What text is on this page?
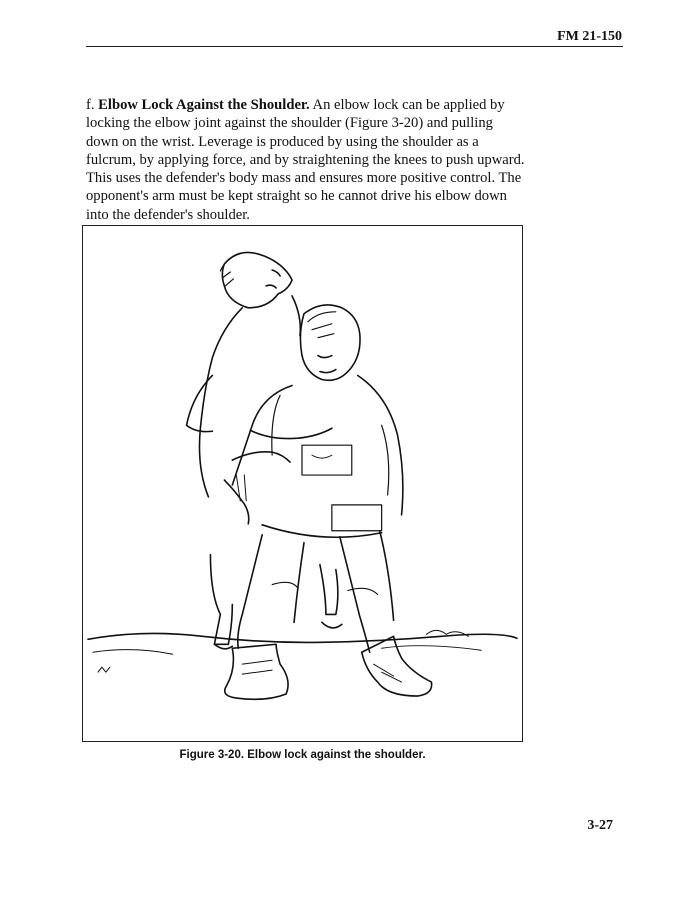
FM 21-150
f. Elbow Lock Against the Shoulder. An elbow lock can be applied by locking the elbow joint against the shoulder (Figure 3-20) and pulling down on the wrist. Leverage is produced by using the shoulder as a fulcrum, by applying force, and by straightening the knees to push upward. This uses the defender's body mass and ensures more positive control. The opponent's arm must be kept straight so he cannot drive his elbow down into the defender's shoulder.
Figure 3-20. Elbow lock against the shoulder.
3-27
